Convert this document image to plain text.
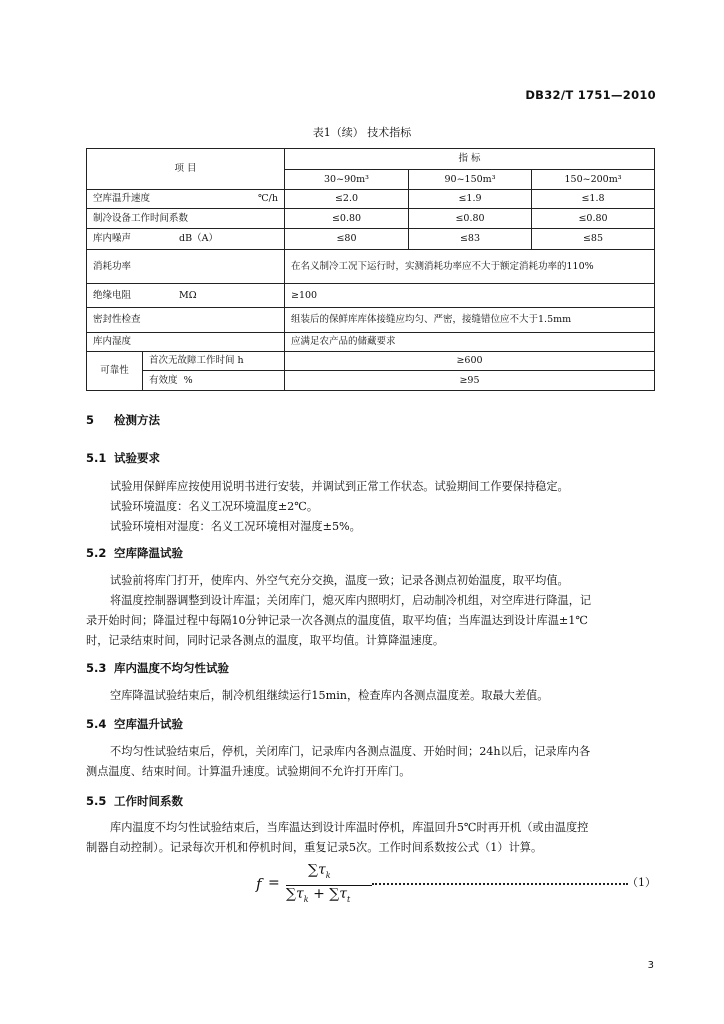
DB32/T 1751—2010
表1（续） 技术指标
项 目		指 标		
		30~90m³	90~150m³	150~200m³

空库温升速度 ℃/h		≤2.0	≤1.9	≤1.8
制冷设备工作时间系数		≤0.80	≤0.80	≤0.80

库内噪声 dB（A）		≤80	≤83	≤85
消耗功率		在名义制冷工况下运行时，实测消耗功率应不大于额定消耗功率的110%		

绝缘电阻 MΩ		≥100		
密封性检查		组装后的保鲜库库体接缝应均匀、严密，接缝错位应不大于1.5mm		
库内湿度		应满足农产品的储藏要求		
可靠性	首次无故障工作时间 h	≥600		
	有效度 %	≥95		
5 检测方法
5.1 试验要求
试验用保鲜库应按使用说明书进行安装，并调试到正常工作状态。试验期间工作要保持稳定。
试验环境温度：名义工况环境温度±2℃。
试验环境相对湿度：名义工况环境相对湿度±5%。
5.2 空库降温试验
试验前将库门打开，使库内、外空气充分交换，温度一致；记录各测点初始温度，取平均值。
将温度控制器调整到设计库温；关闭库门，熄灭库内照明灯，启动制冷机组，对空库进行降温，记
录开始时间；降温过程中每隔10分钟记录一次各测点的温度值，取平均值；当库温达到设计库温±1℃
时，记录结束时间，同时记录各测点的温度，取平均值。计算降温速度。
5.3 库内温度不均匀性试验
空库降温试验结束后，制冷机组继续运行15min，检查库内各测点温度差。取最大差值。
5.4 空库温升试验
不均匀性试验结束后，停机，关闭库门，记录库内各测点温度、开始时间；24h以后，记录库内各
测点温度、结束时间。计算温升速度。试验期间不允许打开库门。
5.5 工作时间系数
库内温度不均匀性试验结束后，当库温达到设计库温时停机，库温回升5℃时再开机（或由温度控
制器自动控制）。记录每次开机和停机时间，重复记录5次。工作时间系数按公式（1）计算。
f =
$\sum\tau_k$
$\sum\tau_k + \sum\tau_t$
（1）
3
